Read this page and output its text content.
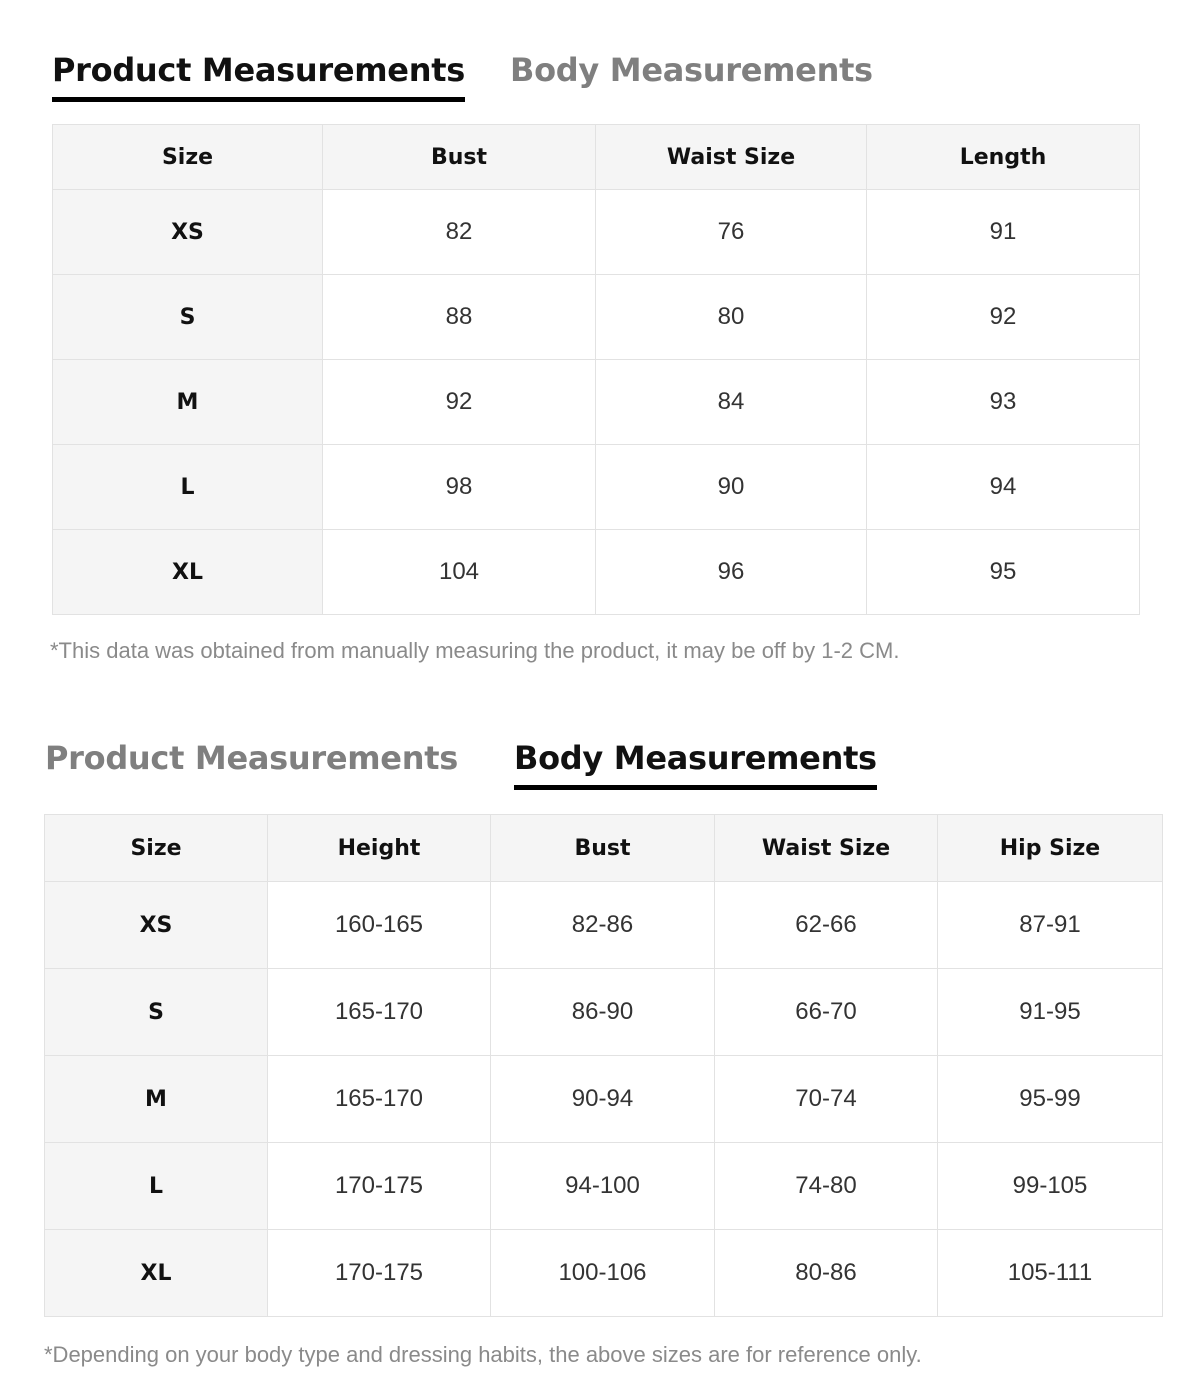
Product Measurements Body Measurements
Size	Bust	Waist Size	Length
XS	82	76	91
S	88	80	92
M	92	84	93
L	98	90	94
XL	104	96	95
*This data was obtained from manually measuring the product, it may be off by 1-2 CM.
Product Measurements Body Measurements
Size	Height	Bust	Waist Size	Hip Size
XS	160-165	82-86	62-66	87-91
S	165-170	86-90	66-70	91-95
M	165-170	90-94	70-74	95-99
L	170-175	94-100	74-80	99-105
XL	170-175	100-106	80-86	105-111
*Depending on your body type and dressing habits, the above sizes are for reference only.
